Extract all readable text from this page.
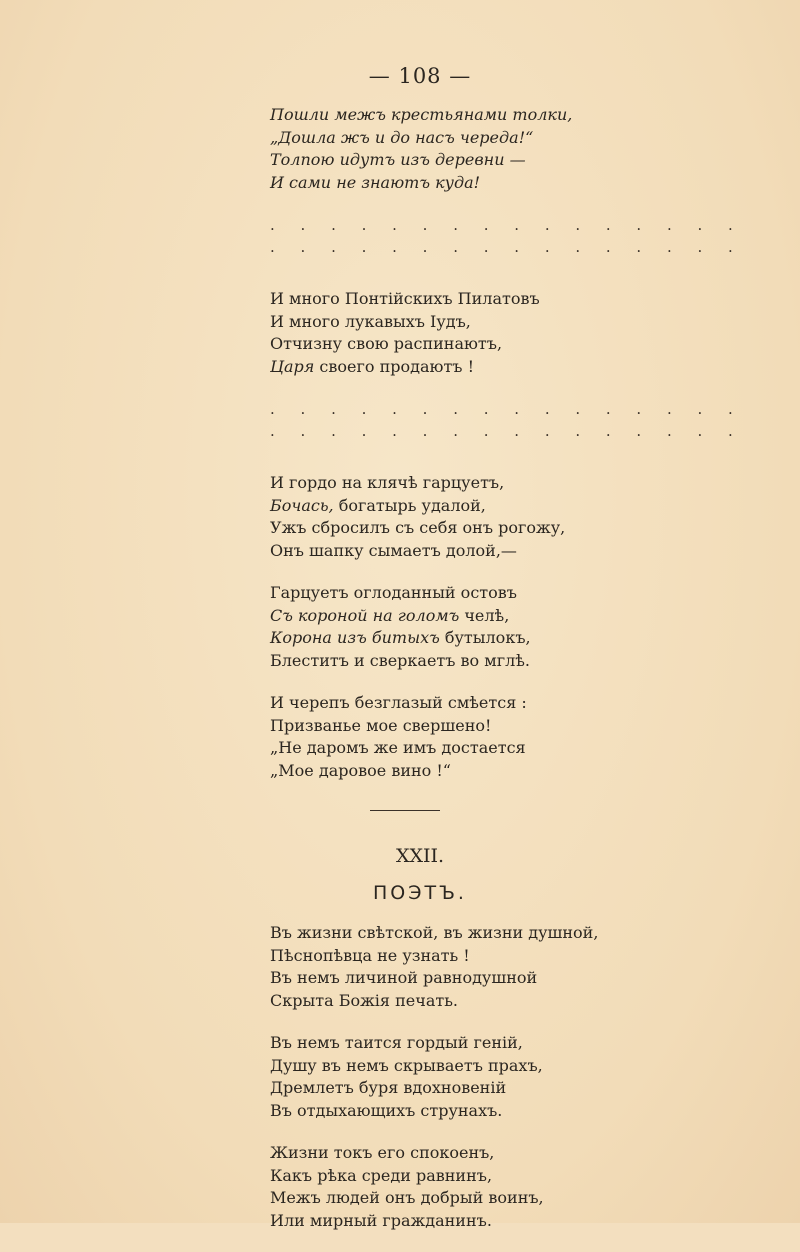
— 108 —
Пошли межъ крестьянами толки,
„Дошла жъ и до насъ череда!“
Толпою идутъ изъ деревни —
И сами не знаютъ куда!
. . . . . . . . . . . . . . . .
. . . . . . . . . . . . . . . .
И много Понтійскихъ Пилатовъ
И много лукавыхъ Іудъ,
Отчизну свою распинаютъ,
Царя своего продаютъ !
. . . . . . . . . . . . . . . .
. . . . . . . . . . . . . . . .
И гордо на клячѣ гарцуетъ,
Бочась, богатырь удалой,
Ужъ сбросилъ съ себя онъ рогожу,
Онъ шапку сымаетъ долой,—
Гарцуетъ оглоданный остовъ
Съ короной на голомъ челѣ,
Корона изъ битыхъ бутылокъ,
Блеститъ и сверкаетъ во мглѣ.
И черепъ безглазый смѣется :
Призванье мое свершено!
„Не даромъ же имъ достается
„Мое даровое вино !“
XXII.
ПОЭТЪ.
Въ жизни свѣтской, въ жизни душной,
Пѣснопѣвца не узнать !
Въ немъ личиной равнодушной
Скрыта Божія печать.
Въ немъ таится гордый геній,
Душу въ немъ скрываетъ прахъ,
Дремлетъ буря вдохновеній
Въ отдыхающихъ струнахъ.
Жизни токъ его спокоенъ,
Какъ рѣка среди равнинъ,
Межъ людей онъ добрый воинъ,
Или мирный гражданинъ.
